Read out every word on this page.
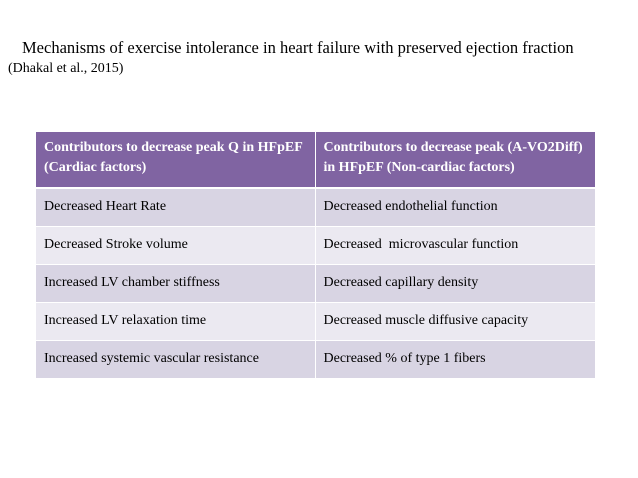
Mechanisms of exercise intolerance in heart failure with preserved ejection fraction
(Dhakal et al., 2015)
Contributors to decrease peak Q in HFpEF (Cardiac factors)	Contributors to decrease peak (A-VO2Diff) in HFpEF (Non-cardiac factors)
Decreased Heart Rate	Decreased endothelial function
Decreased Stroke volume	Decreased  microvascular function
Increased LV chamber stiffness	Decreased capillary density
Increased LV relaxation time	Decreased muscle diffusive capacity
Increased systemic vascular resistance	Decreased % of type 1 fibers
